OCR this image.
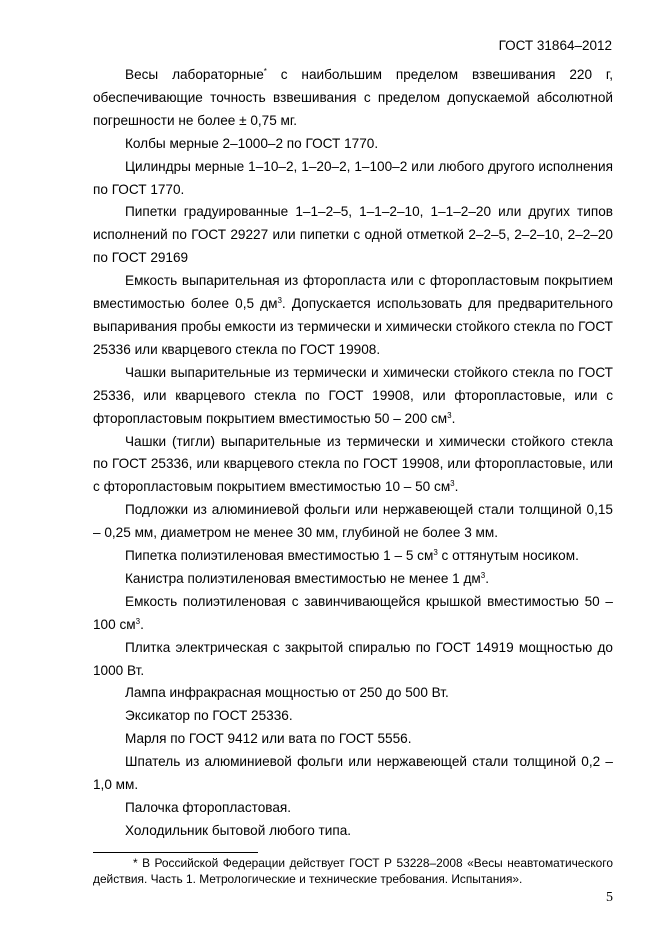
ГОСТ 31864–2012

Весы лабораторные* с наибольшим пределом взвешивания 220 г, обеспечивающие точность взвешивания с пределом допускаемой абсолютной погрешности не более ± 0,75 мг.

Колбы мерные 2–1000–2 по ГОСТ 1770.

Цилиндры мерные 1–10–2, 1–20–2, 1–100–2 или любого другого исполнения по ГОСТ 1770.

Пипетки градуированные 1–1–2–5, 1–1–2–10, 1–1–2–20 или других типов исполнений по ГОСТ 29227 или пипетки с одной отметкой 2–2–5, 2–2–10, 2–2–20 по ГОСТ 29169

Емкость выпарительная из фторопласта или с фторопластовым покрытием вместимостью более 0,5 $дм^3$. Допускается использовать для предварительного выпаривания пробы емкости из термически и химически стойкого стекла по ГОСТ 25336 или кварцевого стекла по ГОСТ 19908.

Чашки выпарительные из термически и химически стойкого стекла по ГОСТ 25336, или кварцевого стекла по ГОСТ 19908, или фторопластовые, или с фторопластовым покрытием вместимостью 50 – 200 $см^3$.

Чашки (тигли) выпарительные из термически и химически стойкого стекла по ГОСТ 25336, или кварцевого стекла по ГОСТ 19908, или фторопластовые, или с фторопластовым покрытием вместимостью 10 – 50 $см^3$.

Подложки из алюминиевой фольги или нержавеющей стали толщиной 0,15 – 0,25 мм, диаметром не менее 30 мм, глубиной не более 3 мм.

Пипетка полиэтиленовая вместимостью 1 – 5 $см^3$ с оттянутым носиком.

Канистра полиэтиленовая вместимостью не менее 1 $дм^3$.

Емкость полиэтиленовая с завинчивающейся крышкой вместимостью 50 – 100 $см^3$.

Плитка электрическая с закрытой спиралью по ГОСТ 14919 мощностью до 1000 Вт.

Лампа инфракрасная мощностью от 250 до 500 Вт.

Эксикатор по ГОСТ 25336.

Марля по ГОСТ 9412 или вата по ГОСТ 5556.

Шпатель из алюминиевой фольги или нержавеющей стали толщиной 0,2 – 1,0 мм.

Палочка фторопластовая.

Холодильник бытовой любого типа.

* В Российской Федерации действует ГОСТ Р 53228–2008 «Весы неавтоматического действия. Часть 1. Метрологические и технические требования. Испытания».
5
